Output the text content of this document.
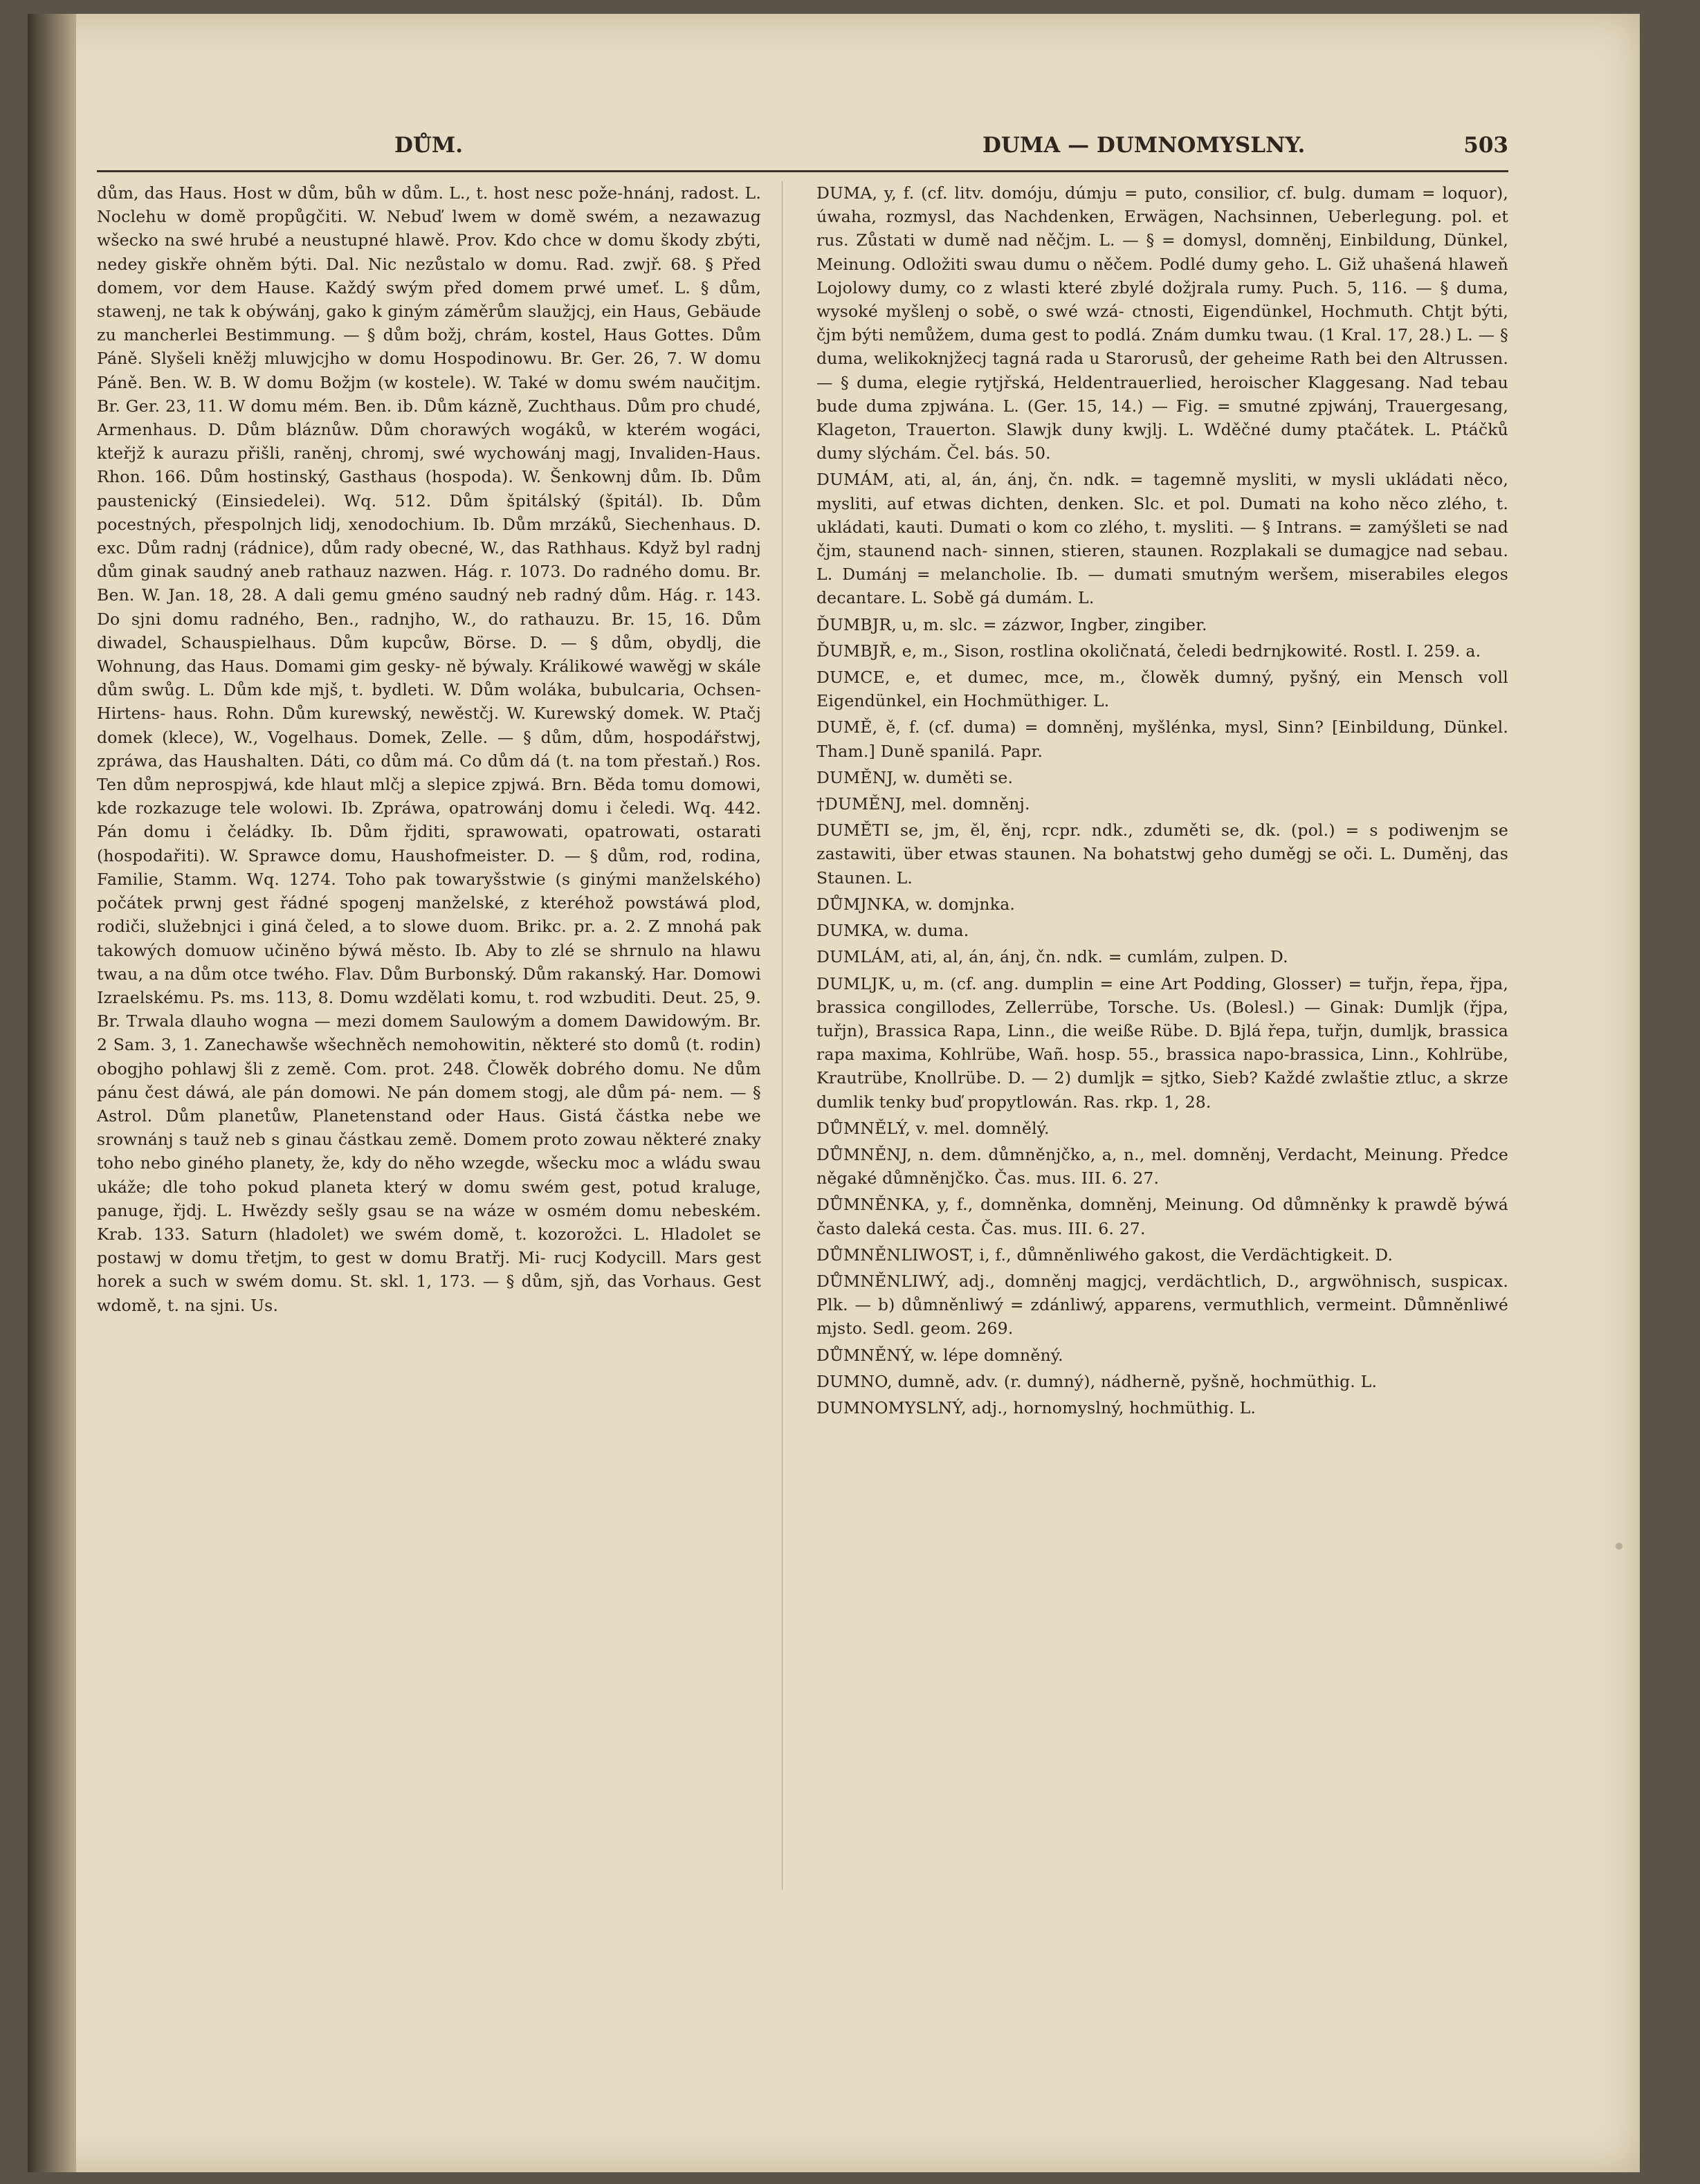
DŮM.	DUMA — DUMNOMYSLNY.	503

dům, das Haus. Host w dům, bůh w dům. L., t. host nesc pože-hnánj, radost. L. Noclehu w domě propůgčiti. W. Nebuď lwem w domě swém, a nezawazug wšecko na swé hrubé a neustupné hlawě. Prov. Kdo chce w domu škody zbýti, nedey giskře ohněm býti. Dal. Nic nezůstalo w domu. Rad. zwjř. 68. § Před domem, vor dem Hause. Každý swým před domem prwé umeť. L. § dům, stawenj, ne tak k obýwánj, gako k giným záměrům slaužjcj, ein Haus, Gebäude zu mancherlei Bestimmung. — § dům božj, chrám, kostel, Haus Gottes. Dům Páně. Slyšeli kněžj mluwjcjho w domu Hospodinowu. Br. Ger. 26, 7. W domu Páně. Ben. W. B. W domu Božjm (w kostele). W. Také w domu swém naučitjm. Br. Ger. 23, 11. W domu mém. Ben. ib. Dům kázně, Zuchthaus. Dům pro chudé, Armenhaus. D. Dům bláznůw. Dům chorawých wogáků, w kterém wogáci, kteřjž k aurazu přišli, raněnj, chromj, swé wychowánj magj, Invaliden-Haus. Rhon. 166. Dům hostinský, Gasthaus (hospoda). W. Šenkownj dům. Ib. Dům paustenický (Einsiedelei). Wq. 512. Dům špitálský (špitál). Ib. Dům pocestných, přespolnjch lidj, xenodochium. Ib. Dům mrzáků, Siechenhaus. D. exc. Dům radnj (rádnice), dům rady obecné, W., das Rathhaus. Když byl radnj dům ginak saudný aneb rathauz nazwen. Hág. r. 1073. Do radného domu. Br. Ben. W. Jan. 18, 28. A dali gemu gméno saudný neb radný dům. Hág. r. 143. Do sjni domu radného, Ben., radnjho, W., do rathauzu. Br. 15, 16. Dům diwadel, Schauspielhaus. Dům kupcůw, Börse. D. — § dům, obydlj, die Wohnung, das Haus. Domami gim gesky- ně býwaly. Králikowé wawěgj w skále dům swůg. L. Dům kde mjš, t. bydleti. W. Dům woláka, bubulcaria, Ochsen-Hirtens- haus. Rohn. Dům kurewský, newěstčj. W. Kurewský domek. W. Ptačj domek (klece), W., Vogelhaus. Domek, Zelle. — § dům, dům, hospodářstwj, zpráwa, das Haushalten. Dáti, co dům má. Co dům dá (t. na tom přestaň.) Ros. Ten dům neprospjwá, kde hlaut mlčj a slepice zpjwá. Brn. Běda tomu domowi, kde rozkazuge tele wolowi. Ib. Zpráwa, opatrowánj domu i čeledi. Wq. 442. Pán domu i čeládky. Ib. Dům řjditi, sprawowati, opatrowati, ostarati (hospodařiti). W. Sprawce domu, Haushofmeister. D. — § dům, rod, rodina, Familie, Stamm. Wq. 1274. Toho pak towaryšstwie (s ginými manželského) počátek prwnj gest řádné spogenj manželské, z kteréhož powstáwá plod, rodiči, služebnjci i giná čeled, a to slowe duom. Brikc. pr. a. 2. Z mnohá pak takowých domuow učiněno býwá město. Ib. Aby to zlé se shrnulo na hlawu twau, a na dům otce twého. Flav. Dům Burbonský. Dům rakanský. Har. Domowi Izraelskému. Ps. ms. 113, 8. Domu wzdělati komu, t. rod wzbuditi. Deut. 25, 9. Br. Trwala dlauho wogna — mezi domem Saulowým a domem Dawidowým. Br. 2 Sam. 3, 1. Zanechawše wšechněch nemohowitin, některé sto domů (t. rodin) obogjho pohlawj šli z země. Com. prot. 248. Člowěk dobrého domu. Ne dům pánu čest dáwá, ale pán domowi. Ne pán domem stogj, ale dům pá- nem. — § Astrol. Dům planetůw, Planetenstand oder Haus. Gistá částka nebe we srownánj s tauž neb s ginau částkau země. Domem proto zowau některé znaky toho nebo giného planety, že, kdy do něho wzegde, wšecku moc a wládu swau ukáže; dle toho pokud planeta který w domu swém gest, potud kraluge, panuge, řjdj. L. Hwězdy sešly gsau se na wáze w osmém domu nebeském. Krab. 133. Saturn (hladolet) we swém domě, t. kozorožci. L. Hladolet se postawj w domu třetjm, to gest w domu Bratřj. Mi- rucj Kodycill. Mars gest horek a such w swém domu. St. skl. 1, 173. — § dům, sjň, das Vorhaus. Gest wdomě, t. na sjni. Us.

DUMA, y, f. (cf. litv. domóju, dúmju = puto, consilior, cf. bulg. dumam = loquor), úwaha, rozmysl, das Nachdenken, Erwägen, Nachsinnen, Ueberlegung. pol. et rus. Zůstati w dumě nad něčjm. L. — § = domysl, domněnj, Einbildung, Dünkel, Meinung. Odložiti swau dumu o něčem. Podlé dumy geho. L. Giž uhašená hlaweň Lojolowy dumy, co z wlasti které zbylé dožjrala rumy. Puch. 5, 116. — § duma, wysoké myšlenj o sobě, o swé wzá- ctnosti, Eigendünkel, Hochmuth. Chtjt býti, čjm býti nemůžem, duma gest to podlá. Znám dumku twau. (1 Kral. 17, 28.) L. — § duma, welikoknjžecj tagná rada u Starorusů, der geheime Rath bei den Altrussen. — § duma, elegie rytjřská, Heldentrauerlied, heroischer Klaggesang. Nad tebau bude duma zpjwána. L. (Ger. 15, 14.) — Fig. = smutné zpjwánj, Trauergesang, Klageton, Trauerton. Slawjk duny kwjlj. L. Wděčné dumy ptačátek. L. Ptáčků dumy slýchám. Čel. bás. 50.

DUMÁM, ati, al, án, ánj, čn. ndk. = tagemně mysliti, w mysli ukládati něco, mysliti, auf etwas dichten, denken. Slc. et pol. Dumati na koho něco zlého, t. ukládati, kauti. Dumati o kom co zlého, t. mysliti. — § Intrans. = zamýšleti se nad čjm, staunend nach- sinnen, stieren, staunen. Rozplakali se dumagjce nad sebau. L. Dumánj = melancholie. Ib. — dumati smutným weršem, miserabiles elegos decantare. L. Sobě gá dumám. L.

ĎUMBJR, u, m. slc. = zázwor, Ingber, zingiber.

ĎUMBJŘ, e, m., Sison, rostlina okoličnatá, čeledi bedrnjkowité. Rostl. I. 259. a.

DUMCE, e, et dumec, mce, m., člowěk dumný, pyšný, ein Mensch voll Eigendünkel, ein Hochmüthiger. L.

DUMĚ, ě, f. (cf. duma) = domněnj, myšlénka, mysl, Sinn? [Einbildung, Dünkel. Tham.] Duně spanilá. Papr.

DUMĚNJ, w. duměti se.

†DUMĚNJ, mel. domněnj.

DUMĚTI se, jm, ěl, ěnj, rcpr. ndk., zduměti se, dk. (pol.) = s podiwenjm se zastawiti, über etwas staunen. Na bohatstwj geho duměgj se oči. L. Duměnj, das Staunen. L.

DŮMJNKA, w. domjnka.

DUMKA, w. duma.

DUMLÁM, ati, al, án, ánj, čn. ndk. = cumlám, zulpen. D.

DUMLJK, u, m. (cf. ang. dumplin = eine Art Podding, Glosser) = tuřjn, řepa, řjpa, brassica congillodes, Zellerrübe, Torsche. Us. (Bolesl.) — Ginak: Dumljk (řjpa, tuřjn), Brassica Rapa, Linn., die weiße Rübe. D. Bjlá řepa, tuřjn, dumljk, brassica rapa maxima, Kohlrübe, Wañ. hosp. 55., brassica napo-brassica, Linn., Kohlrübe, Krautrübe, Knollrübe. D. — 2) dumljk = sjtko, Sieb? Každé zwlaštie ztluc, a skrze dumlik tenky buď propytlowán. Ras. rkp. 1, 28.

DŮMNĚLÝ, v. mel. domnělý.

DŮMNĚNJ, n. dem. důmněnjčko, a, n., mel. domněnj, Verdacht, Meinung. Předce něgaké důmněnjčko. Čas. mus. III. 6. 27.

DŮMNĚNKA, y, f., domněnka, domněnj, Meinung. Od důmněnky k prawdě býwá často daleká cesta. Čas. mus. III. 6. 27.

DŮMNĚNLIWOST, i, f., důmněnliwého gakost, die Verdächtigkeit. D.

DŮMNĚNLIWÝ, adj., domněnj magjcj, verdächtlich, D., argwöhnisch, suspicax. Plk. — b) důmněnliwý = zdánliwý, apparens, vermuthlich, vermeint. Důmněnliwé mjsto. Sedl. geom. 269.

DŮMNĚNÝ, w. lépe domněný.

DUMNO, dumně, adv. (r. dumný), nádherně, pyšně, hochmüthig. L.

DUMNOMYSLNÝ, adj., hornomyslný, hochmüthig. L.
